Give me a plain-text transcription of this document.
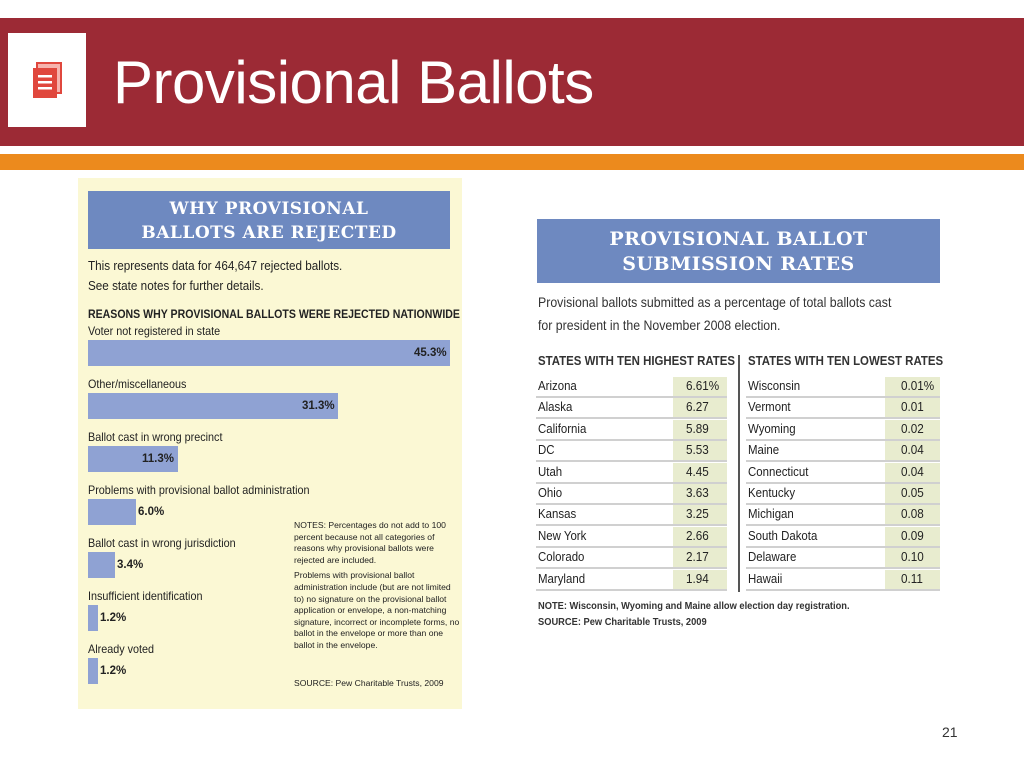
Provisional Ballots
WHY PROVISIONAL
BALLOTS ARE REJECTED
This represents data for 464,647 rejected ballots.
See state notes for further details.
REASONS WHY PROVISIONAL BALLOTS WERE REJECTED NATIONWIDE
Voter not registered in state
45.3%
Other/miscellaneous
31.3%
Ballot cast in wrong precinct
11.3%
Problems with provisional ballot administration
6.0%
Ballot cast in wrong jurisdiction
3.4%
Insufficient identification
1.2%
Already voted
1.2%

NOTES: Percentages do not add to 100 percent because not all categories of reasons why provisional ballots were rejected are included.

Problems with provisional ballot administration include (but are not limited to) no signature on the provisional ballot application or envelope, a non-matching signature, incorrect or incomplete forms, no ballot in the envelope or more than one ballot in the envelope.

SOURCE: Pew Charitable Trusts, 2009
PROVISIONAL BALLOT
SUBMISSION RATES
Provisional ballots submitted as a percentage of total ballots cast
for president in the November 2008 election.
STATES WITH TEN HIGHEST RATES STATES WITH TEN LOWEST RATES
NOTE: Wisconsin, Wyoming and Maine allow election day registration.
SOURCE: Pew Charitable Trusts, 2009
Arizona	6.61%
Alaska	6.27
California	5.89
DC	5.53
Utah	4.45
Ohio	3.63
Kansas	3.25
New York	2.66
Colorado	2.17
Maryland	1.94
Wisconsin	0.01%
Vermont	0.01
Wyoming	0.02
Maine	0.04
Connecticut	0.04
Kentucky	0.05
Michigan	0.08
South Dakota	0.09
Delaware	0.10
Hawaii	0.11
21
